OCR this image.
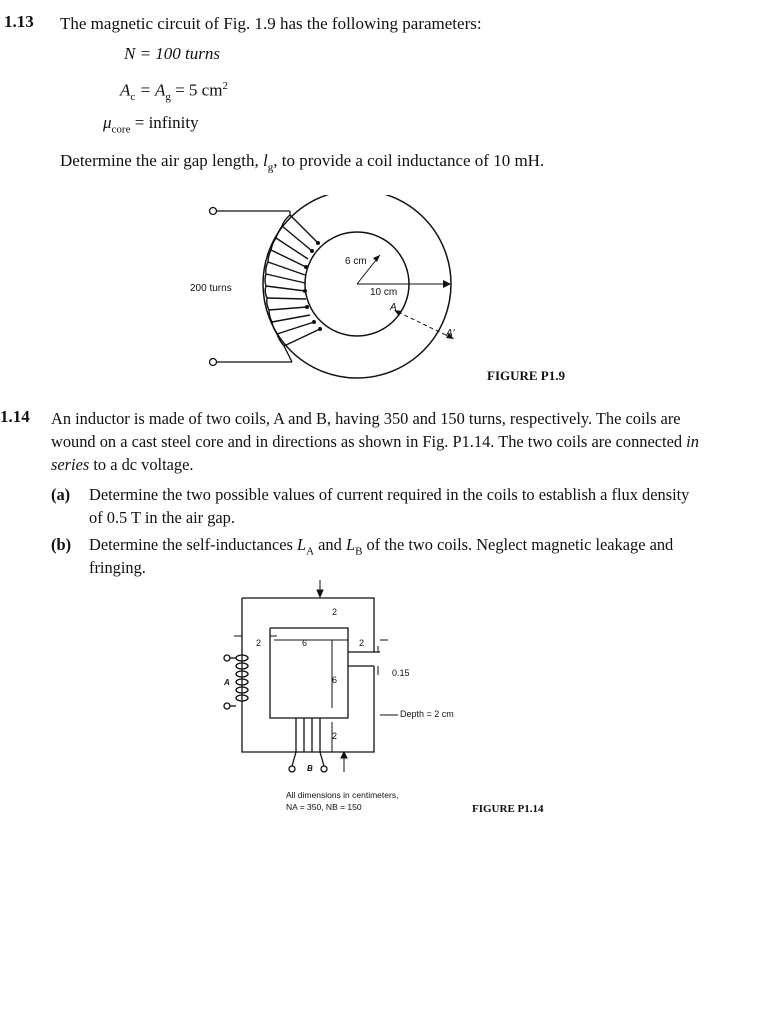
1.13 The magnetic circuit of Fig. 1.9 has the following parameters:
N = 100 turns
$A_c = A_g = 5$ $cm^2$
$\mu_{core}$ = infinity
Determine the air gap length, $l_g$, to provide a coil inductance of 10 mH.
200 turns
6 cm
10 cm
A
A′
FIGURE P1.9
1.14 An inductor is made of two coils, A and B, having 350 and 150 turns, respectively. The coils are
wound on a cast steel core and in directions as shown in Fig. P1.14. The two coils are connected in
series to a dc voltage.
(a) Determine the two possible values of current required in the coils to establish a flux density
of 0.5 T in the air gap.
(b) Determine the self-inductances $L_A$ and $L_B$ of the two coils. Neglect magnetic leakage and
fringing.
2
2	6	2
6
2
0.15
Depth = 2 cm
A
B
All dimensions in centimeters,
NA = 350, NB = 150	FIGURE P1.14
